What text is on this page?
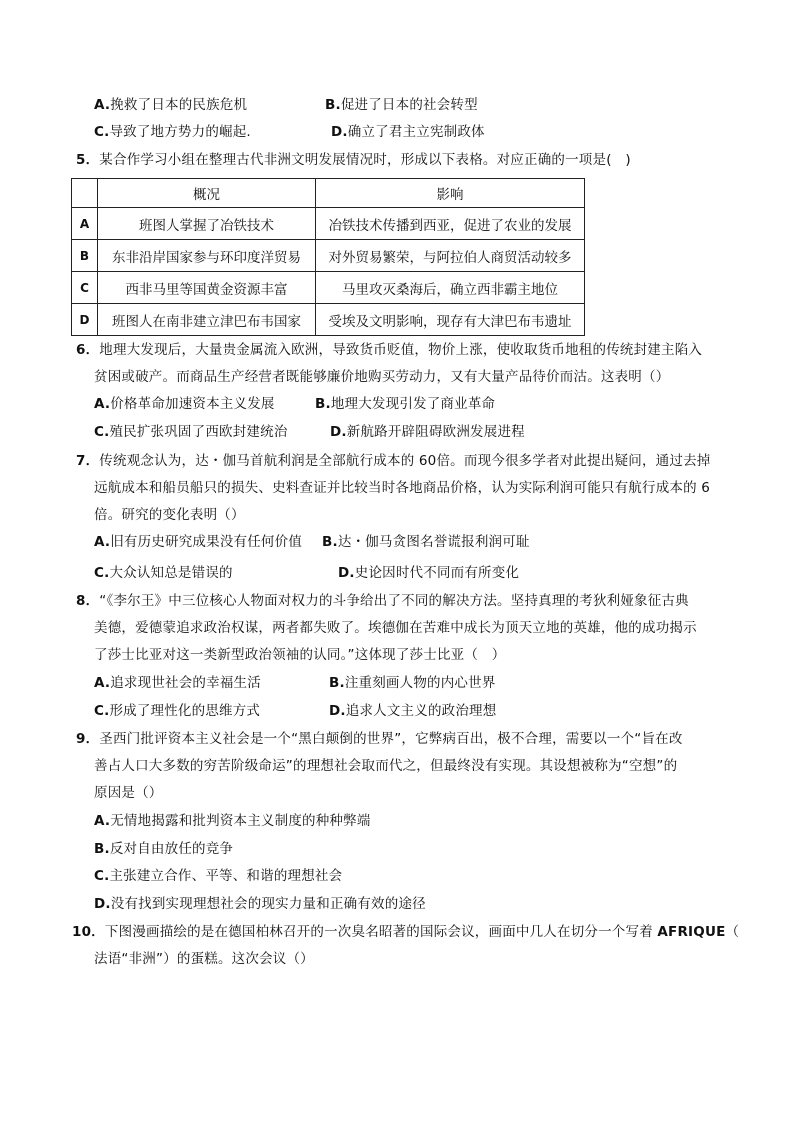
A.挽救了日本的民族危机	B.促进了日本的社会转型
C.导致了地方势力的崛起.	D.确立了君主立宪制政体
5．某合作学习小组在整理古代非洲文明发展情况时，形成以下表格。对应正确的一项是(　)
	概况	影响
A	班图人掌握了冶铁技术	冶铁技术传播到西亚，促进了农业的发展
B	东非沿岸国家参与环印度洋贸易	对外贸易繁荣，与阿拉伯人商贸活动较多
C	西非马里等国黄金资源丰富	马里攻灭桑海后，确立西非霸主地位
D	班图人在南非建立津巴布韦国家	受埃及文明影响，现存有大津巴布韦遗址
6．地理大发现后，大量贵金属流入欧洲，导致货币贬值，物价上涨，使收取货币地租的传统封建主陷入
贫困或破产。而商品生产经营者既能够廉价地购买劳动力，又有大量产品待价而沽。这表明（）
A.价格革命加速资本主义发展	B.地理大发现引发了商业革命
C.殖民扩张巩固了西欧封建统治	D.新航路开辟阻碍欧洲发展进程
7．传统观念认为，达・伽马首航利润是全部航行成本的 60倍。而现今很多学者对此提出疑问，通过去掉
远航成本和船员船只的损失、史料查证并比较当时各地商品价格，认为实际利润可能只有航行成本的 6
倍。研究的变化表明（）
A.旧有历史研究成果没有任何价值 B.达・伽马贪图名誉谎报利润可耻
C.大众认知总是错误的	D.史论因时代不同而有所变化
8．“《李尔王》中三位核心人物面对权力的斗争给出了不同的解决方法。坚持真理的考狄利娅象征古典
美德，爱德蒙追求政治权谋，两者都失败了。埃德伽在苦难中成长为顶天立地的英雄，他的成功揭示
了莎士比亚对这一类新型政治领袖的认同。”这体现了莎士比亚（　）
A.追求现世社会的幸福生活	B.注重刻画人物的内心世界
C.形成了理性化的思维方式	D.追求人文主义的政治理想
9．圣西门批评资本主义社会是一个“黑白颠倒的世界”，它弊病百出，极不合理，需要以一个“旨在改
善占人口大多数的穷苦阶级命运”的理想社会取而代之，但最终没有实现。其设想被称为“空想”的
原因是（）
A.无情地揭露和批判资本主义制度的种种弊端
B.反对自由放任的竞争
C.主张建立合作、平等、和谐的理想社会
D.没有找到实现理想社会的现实力量和正确有效的途径
10．下图漫画描绘的是在德国柏林召开的一次臭名昭著的国际会议，画面中几人在切分一个写着 AFRIQUE（
法语“非洲”）的蛋糕。这次会议（）
